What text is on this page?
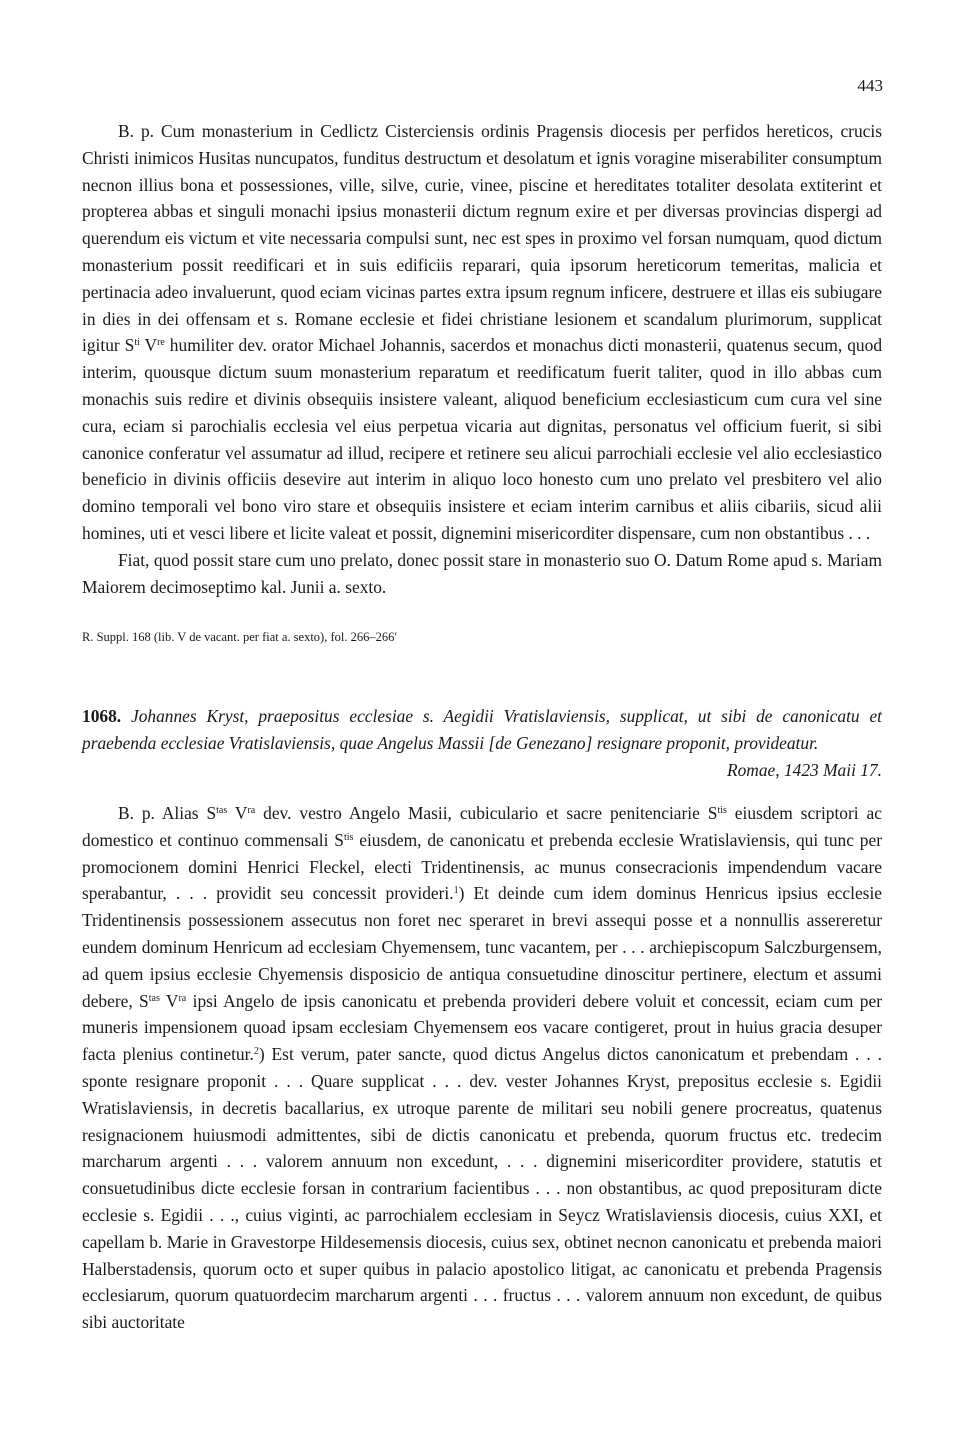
443

B. p. Cum monasterium in Cedlictz Cisterciensis ordinis Pragensis diocesis per perfidos hereticos, crucis Christi inimicos Husitas nuncupatos, funditus destructum et desolatum et ignis voragine miserabiliter consumptum necnon illius bona et possessiones, ville, silve, curie, vinee, piscine et hereditates totaliter desolata extiterint et propterea abbas et singuli monachi ipsius monasterii dictum regnum exire et per diversas provincias dispergi ad querendum eis victum et vite necessaria compulsi sunt, nec est spes in proximo vel forsan numquam, quod dictum monasterium possit reedificari et in suis edificiis reparari, quia ipsorum hereticorum temeritas, malicia et pertinacia adeo invaluerunt, quod eciam vicinas partes extra ipsum regnum inficere, destruere et illas eis subiugare in dies in dei offensam et s. Romane ecclesie et fidei christiane lesionem et scandalum plurimorum, supplicat igitur $S^{ti}$ Vre humiliter dev. orator Michael Johannis, sacerdos et monachus dicti monasterii, quatenus secum, quod interim, quousque dictum suum monasterium reparatum et reedificatum fuerit taliter, quod in illo abbas cum monachis suis redire et divinis obsequiis insistere valeant, aliquod beneficium ecclesiasticum cum cura vel sine cura, eciam si parochialis ecclesia vel eius perpetua vicaria aut dignitas, personatus vel officium fuerit, si sibi canonice conferatur vel assumatur ad illud, recipere et retinere seu alicui parrochiali ecclesie vel alio ecclesiastico beneficio in divinis officiis desevire aut interim in aliquo loco honesto cum uno prelato vel presbitero vel alio domino temporali vel bono viro stare et obsequiis insistere et eciam interim carnibus et aliis cibariis, sicud alii homines, uti et vesci libere et licite valeat et possit, dignemini misericorditer dispensare, cum non obstantibus . . .

Fiat, quod possit stare cum uno prelato, donec possit stare in monasterio suo O. Datum Rome apud s. Mariam Maiorem decimoseptimo kal. Junii a. sexto.

R. Suppl. 168 (lib. V de vacant. per fiat a. sexto), fol. 266–266′

1068. Johannes Kryst, praepositus ecclesiae s. Aegidii Vratislaviensis, supplicat, ut sibi de canonicatu et praebenda ecclesiae Vratislaviensis, quae Angelus Massii [de Genezano] resignare proponit, provideatur.

Romae, 1423 Maii 17.

B. p. Alias $S^{tas}$ $V^{ra}$ dev. vestro Angelo Masii, cubiculario et sacre penitenciarie $S^{tis}$ eiusdem scriptori ac domestico et continuo commensali $S^{tis}$ eiusdem, de canonicatu et prebenda ecclesie Wratislaviensis, qui tunc per promocionem domini Henrici Fleckel, electi Tridentinensis, ac munus consecracionis impendendum vacare sperabantur, . . . providit seu concessit provideri.$^1$) Et deinde cum idem dominus Henricus ipsius ecclesie Tridentinensis possessionem assecutus non foret nec speraret in brevi assequi posse et a nonnullis assereretur eundem dominum Henricum ad ecclesiam Chyemensem, tunc vacantem, per . . . archiepiscopum Salczburgensem, ad quem ipsius ecclesie Chyemensis disposicio de antiqua consuetudine dinoscitur pertinere, electum et assumi debere, $S^{tas}$ $V^{ra}$ ipsi Angelo de ipsis canonicatu et prebenda provideri debere voluit et concessit, eciam cum per muneris impensionem quoad ipsam ecclesiam Chyemensem eos vacare contigeret, prout in huius gracia desuper facta plenius continetur.$^2$) Est verum, pater sancte, quod dictus Angelus dictos canonicatum et prebendam . . . sponte resignare proponit . . . Quare supplicat . . . dev. vester Johannes Kryst, prepositus ecclesie s. Egidii Wratislaviensis, in decretis bacallarius, ex utroque parente de militari seu nobili genere procreatus, quatenus resignacionem huiusmodi admittentes, sibi de dictis canonicatu et prebenda, quorum fructus etc. tredecim marcharum argenti . . . valorem annuum non excedunt, . . . dignemini misericorditer providere, statutis et consuetudinibus dicte ecclesie forsan in contrarium facientibus . . . non obstantibus, ac quod preposituram dicte ecclesie s. Egidii . . ., cuius viginti, ac parrochialem ecclesiam in Seycz Wratislaviensis diocesis, cuius XXI, et capellam b. Marie in Gravestorpe Hildesemensis diocesis, cuius sex, obtinet necnon canonicatu et prebenda maiori Halberstadensis, quorum octo et super quibus in palacio apostolico litigat, ac canonicatu et prebenda Pragensis ecclesiarum, quorum quatuordecim marcharum argenti . . . fructus . . . valorem annuum non excedunt, de quibus sibi auctoritate
